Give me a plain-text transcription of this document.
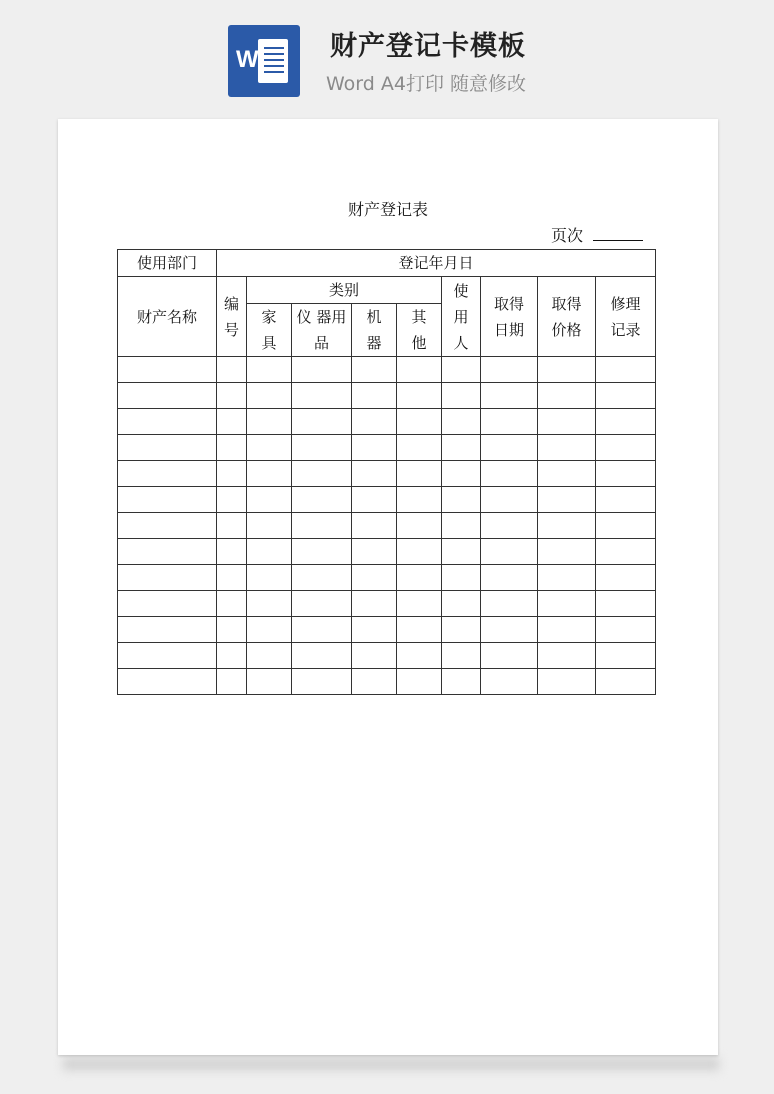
W	财产登记卡模板
Word A4打印 随意修改
财产登记表
页次
使用部门	登记年月日								
财产名称	编号	类别				使用人	取得日期	取得价格	修理记录
		家具	仪 器用品	机器	其他				
